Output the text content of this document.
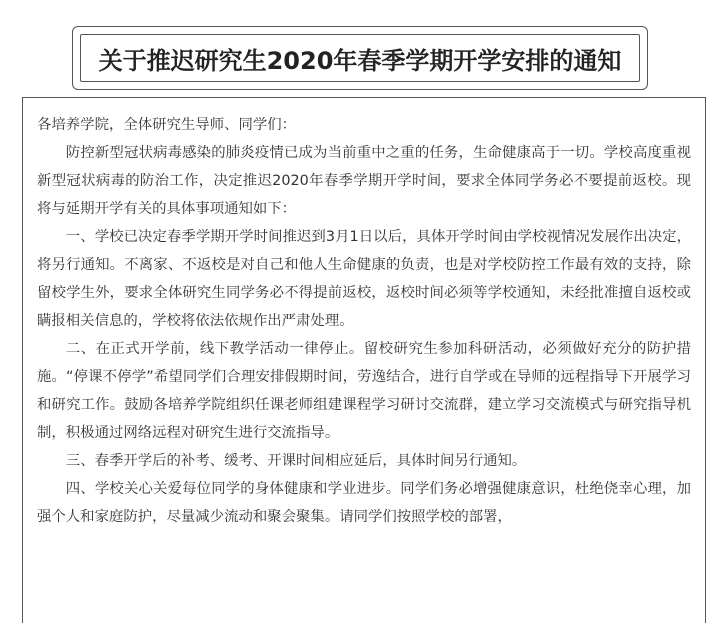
关于推迟研究生2020年春季学期开学安排的通知

各培养学院，全体研究生导师、同学们：

防控新型冠状病毒感染的肺炎疫情已成为当前重中之重的任务，生命健康高于一切。学校高度重视新型冠状病毒的防治工作，决定推迟2020年春季学期开学时间，要求全体同学务必不要提前返校。现将与延期开学有关的具体事项通知如下：

一、学校已决定春季学期开学时间推迟到3月1日以后，具体开学时间由学校视情况发展作出决定，将另行通知。不离家、不返校是对自己和他人生命健康的负责，也是对学校防控工作最有效的支持，除留校学生外，要求全体研究生同学务必不得提前返校，返校时间必须等学校通知，未经批准擅自返校或瞒报相关信息的，学校将依法依规作出严肃处理。

二、在正式开学前，线下教学活动一律停止。留校研究生参加科研活动，必须做好充分的防护措施。“停课不停学”希望同学们合理安排假期时间，劳逸结合，进行自学或在导师的远程指导下开展学习和研究工作。鼓励各培养学院组织任课老师组建课程学习研讨交流群，建立学习交流模式与研究指导机制，积极通过网络远程对研究生进行交流指导。

三、春季开学后的补考、缓考、开课时间相应延后，具体时间另行通知。

四、学校关心关爱每位同学的身体健康和学业进步。同学们务必增强健康意识，杜绝侥幸心理，加强个人和家庭防护，尽量减少流动和聚会聚集。请同学们按照学校的部署，
